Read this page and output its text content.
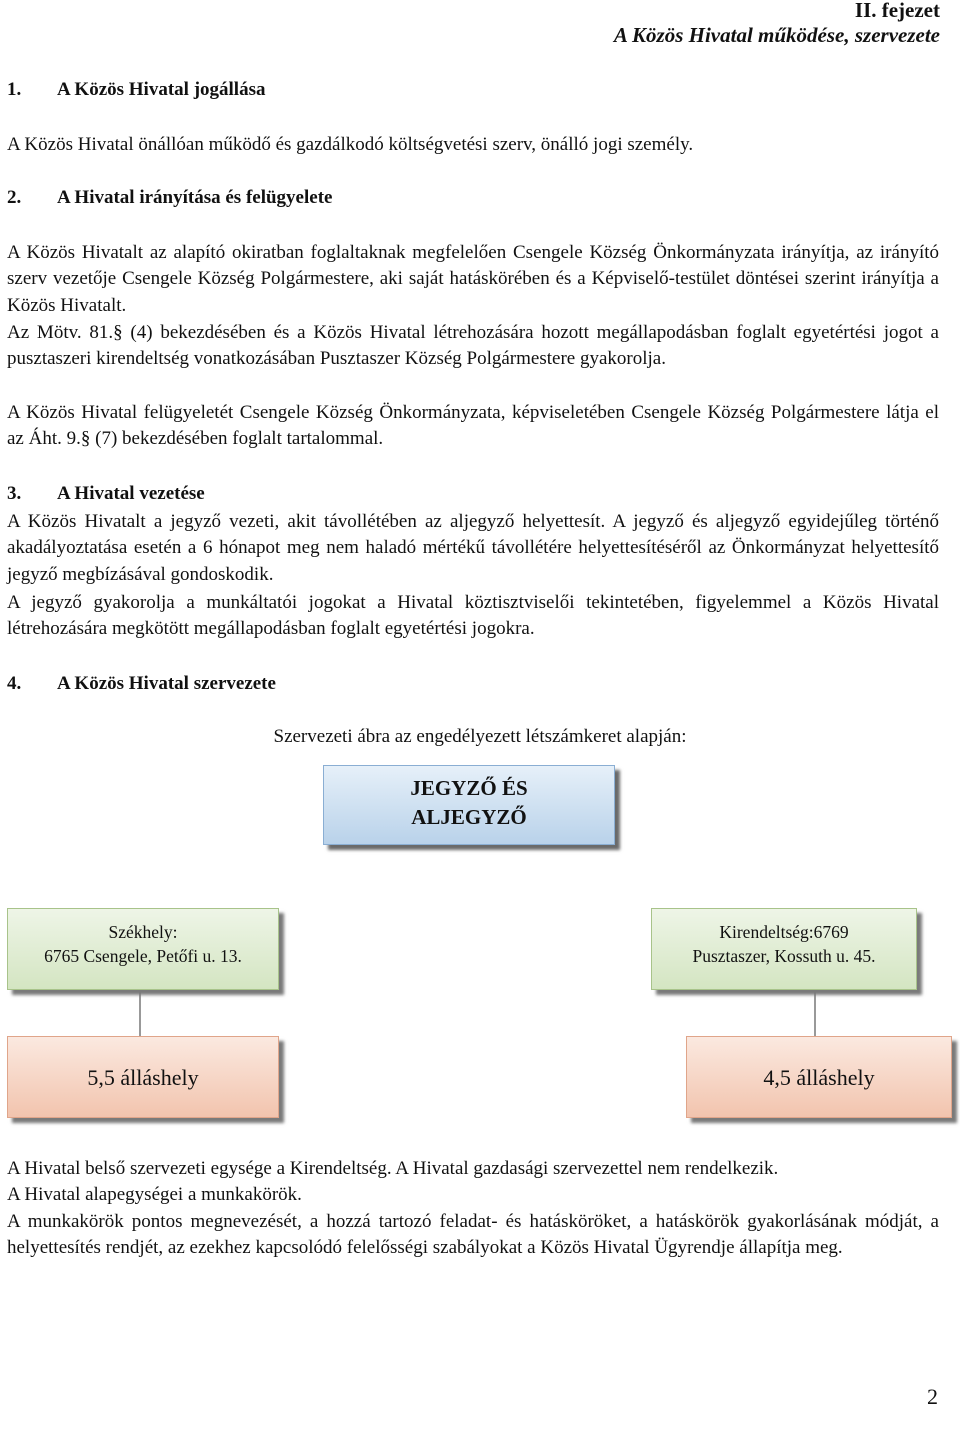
II. fejezet
A Közös Hivatal működése, szervezete
1. A Közös Hivatal jogállása
A Közös Hivatal önállóan működő és gazdálkodó költségvetési szerv, önálló jogi személy.
2. A Hivatal irányítása és felügyelete
A Közös Hivatalt az alapító okiratban foglaltaknak megfelelően Csengele Község Önkormányzata irányítja, az irányító szerv vezetője Csengele Község Polgármestere, aki saját hatáskörében és a Képviselő-testület döntései szerint irányítja a Közös Hivatalt.
Az Mötv. 81.§ (4) bekezdésében és a Közös Hivatal létrehozására hozott megállapodásban foglalt egyetértési jogot a pusztaszeri kirendeltség vonatkozásában Pusztaszer Község Polgármestere gyakorolja.
A Közös Hivatal felügyeletét Csengele Község Önkormányzata, képviseletében Csengele Község Polgármestere látja el az Áht. 9.§ (7) bekezdésében foglalt tartalommal.
3. A Hivatal vezetése
A Közös Hivatalt a jegyző vezeti, akit távollétében az aljegyző helyettesít. A jegyző és aljegyző egyidejűleg történő akadályoztatása esetén a 6 hónapot meg nem haladó mértékű távollétére helyettesítéséről az Önkormányzat helyettesítő jegyző megbízásával gondoskodik.
A jegyző gyakorolja a munkáltatói jogokat a Hivatal köztisztviselői tekintetében, figyelemmel a Közös Hivatal létrehozására megkötött megállapodásban foglalt egyetértési jogokra.
4. A Közös Hivatal szervezete
Szervezeti ábra az engedélyezett létszámkeret alapján:
JEGYZŐ ÉS
ALJEGYZŐ
Székhely:
6765 Csengele, Petőfi u. 13.
Kirendeltség:6769
Pusztaszer, Kossuth u. 45.
5,5 álláshely	4,5 álláshely
A Hivatal belső szervezeti egysége a Kirendeltség. A Hivatal gazdasági szervezettel nem rendelkezik.
A Hivatal alapegységei a munkakörök.
A munkakörök pontos megnevezését, a hozzá tartozó feladat- és hatásköröket, a hatáskörök gyakorlásának módját, a helyettesítés rendjét, az ezekhez kapcsolódó felelősségi szabályokat a Közös Hivatal Ügyrendje állapítja meg.
2
